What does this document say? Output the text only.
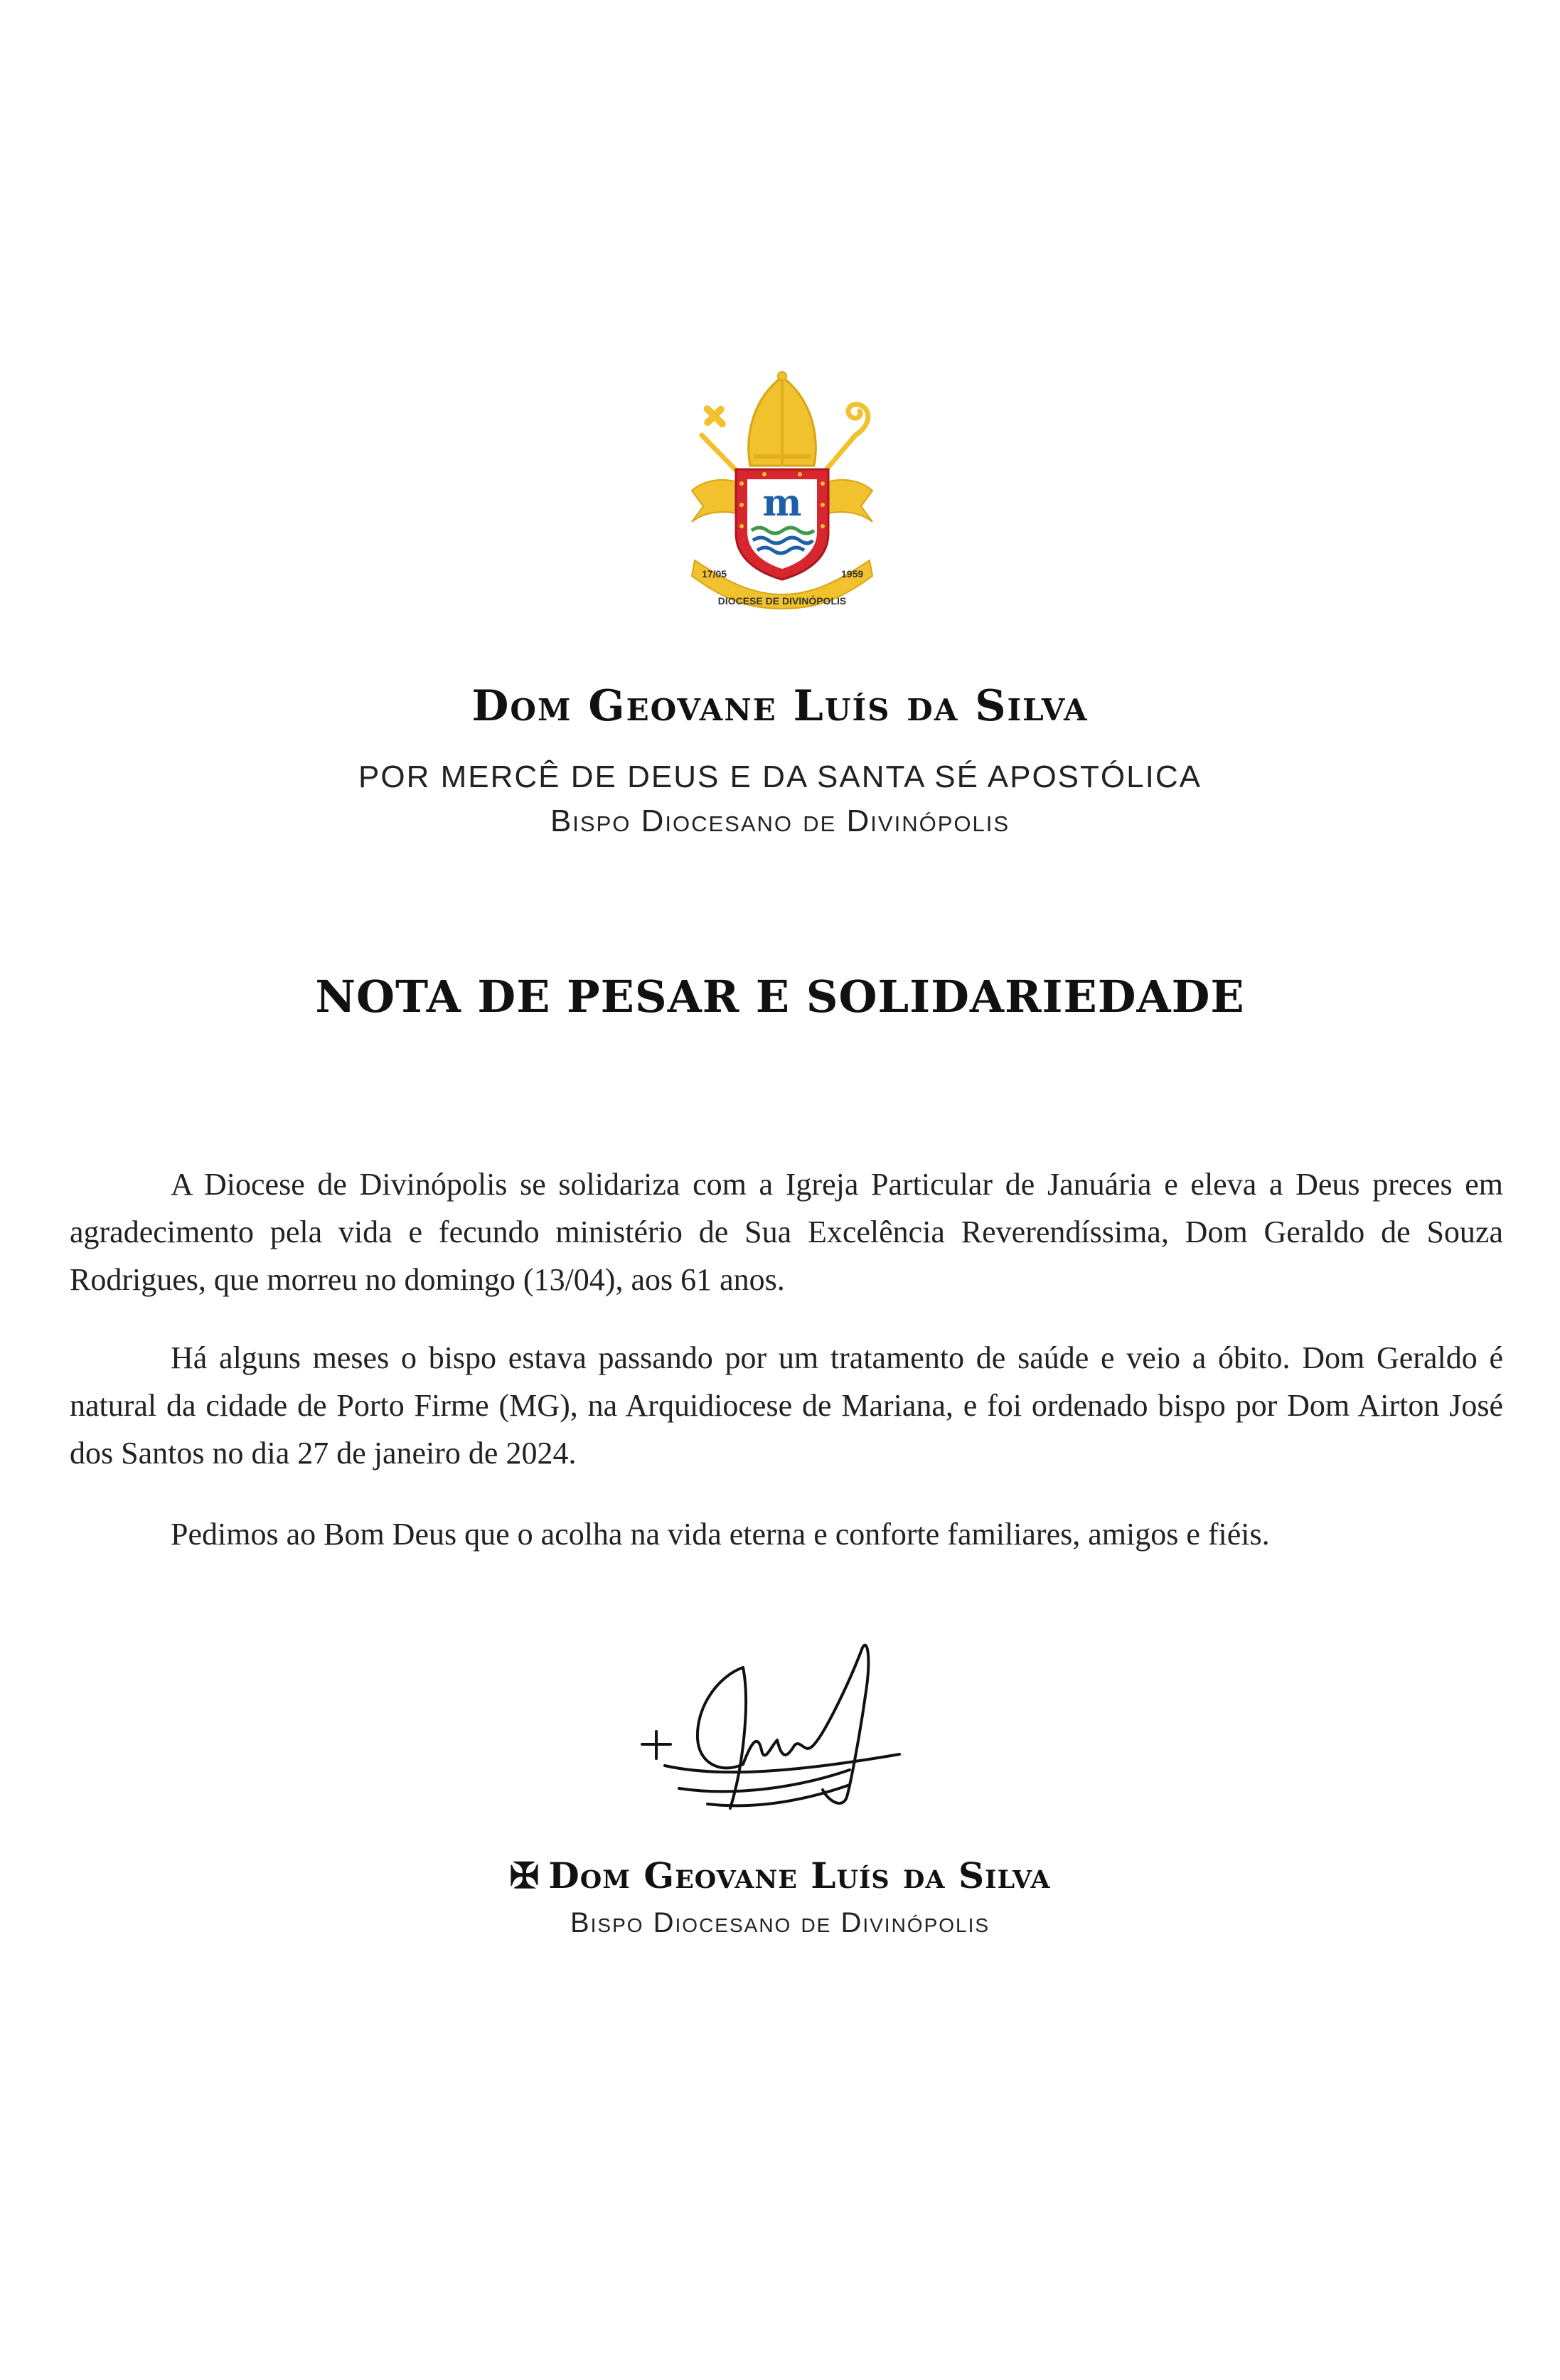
m
17/05	1959
DIOCESE DE DIVINÓPOLIS
Dom Geovane Luís da Silva
POR MERCÊ DE DEUS E DA SANTA SÉ APOSTÓLICA
Bispo Diocesano de Divinópolis
NOTA DE PESAR E SOLIDARIEDADE

A Diocese de Divinópolis se solidariza com a Igreja Particular de Januária e eleva a Deus preces em agradecimento pela vida e fecundo ministério de Sua Excelência Reverendíssima, Dom Geraldo de Souza Rodrigues, que morreu no domingo (13/04), aos 61 anos.

Há alguns meses o bispo estava passando por um tratamento de saúde e veio a óbito. Dom Geraldo é natural da cidade de Porto Firme (MG), na Arquidiocese de Mariana, e foi ordenado bispo por Dom Airton José dos Santos no dia 27 de janeiro de 2024.

Pedimos ao Bom Deus que o acolha na vida eterna e conforte familiares, amigos e fiéis.

✠ Dom Geovane Luís da Silva
Bispo Diocesano de Divinópolis
